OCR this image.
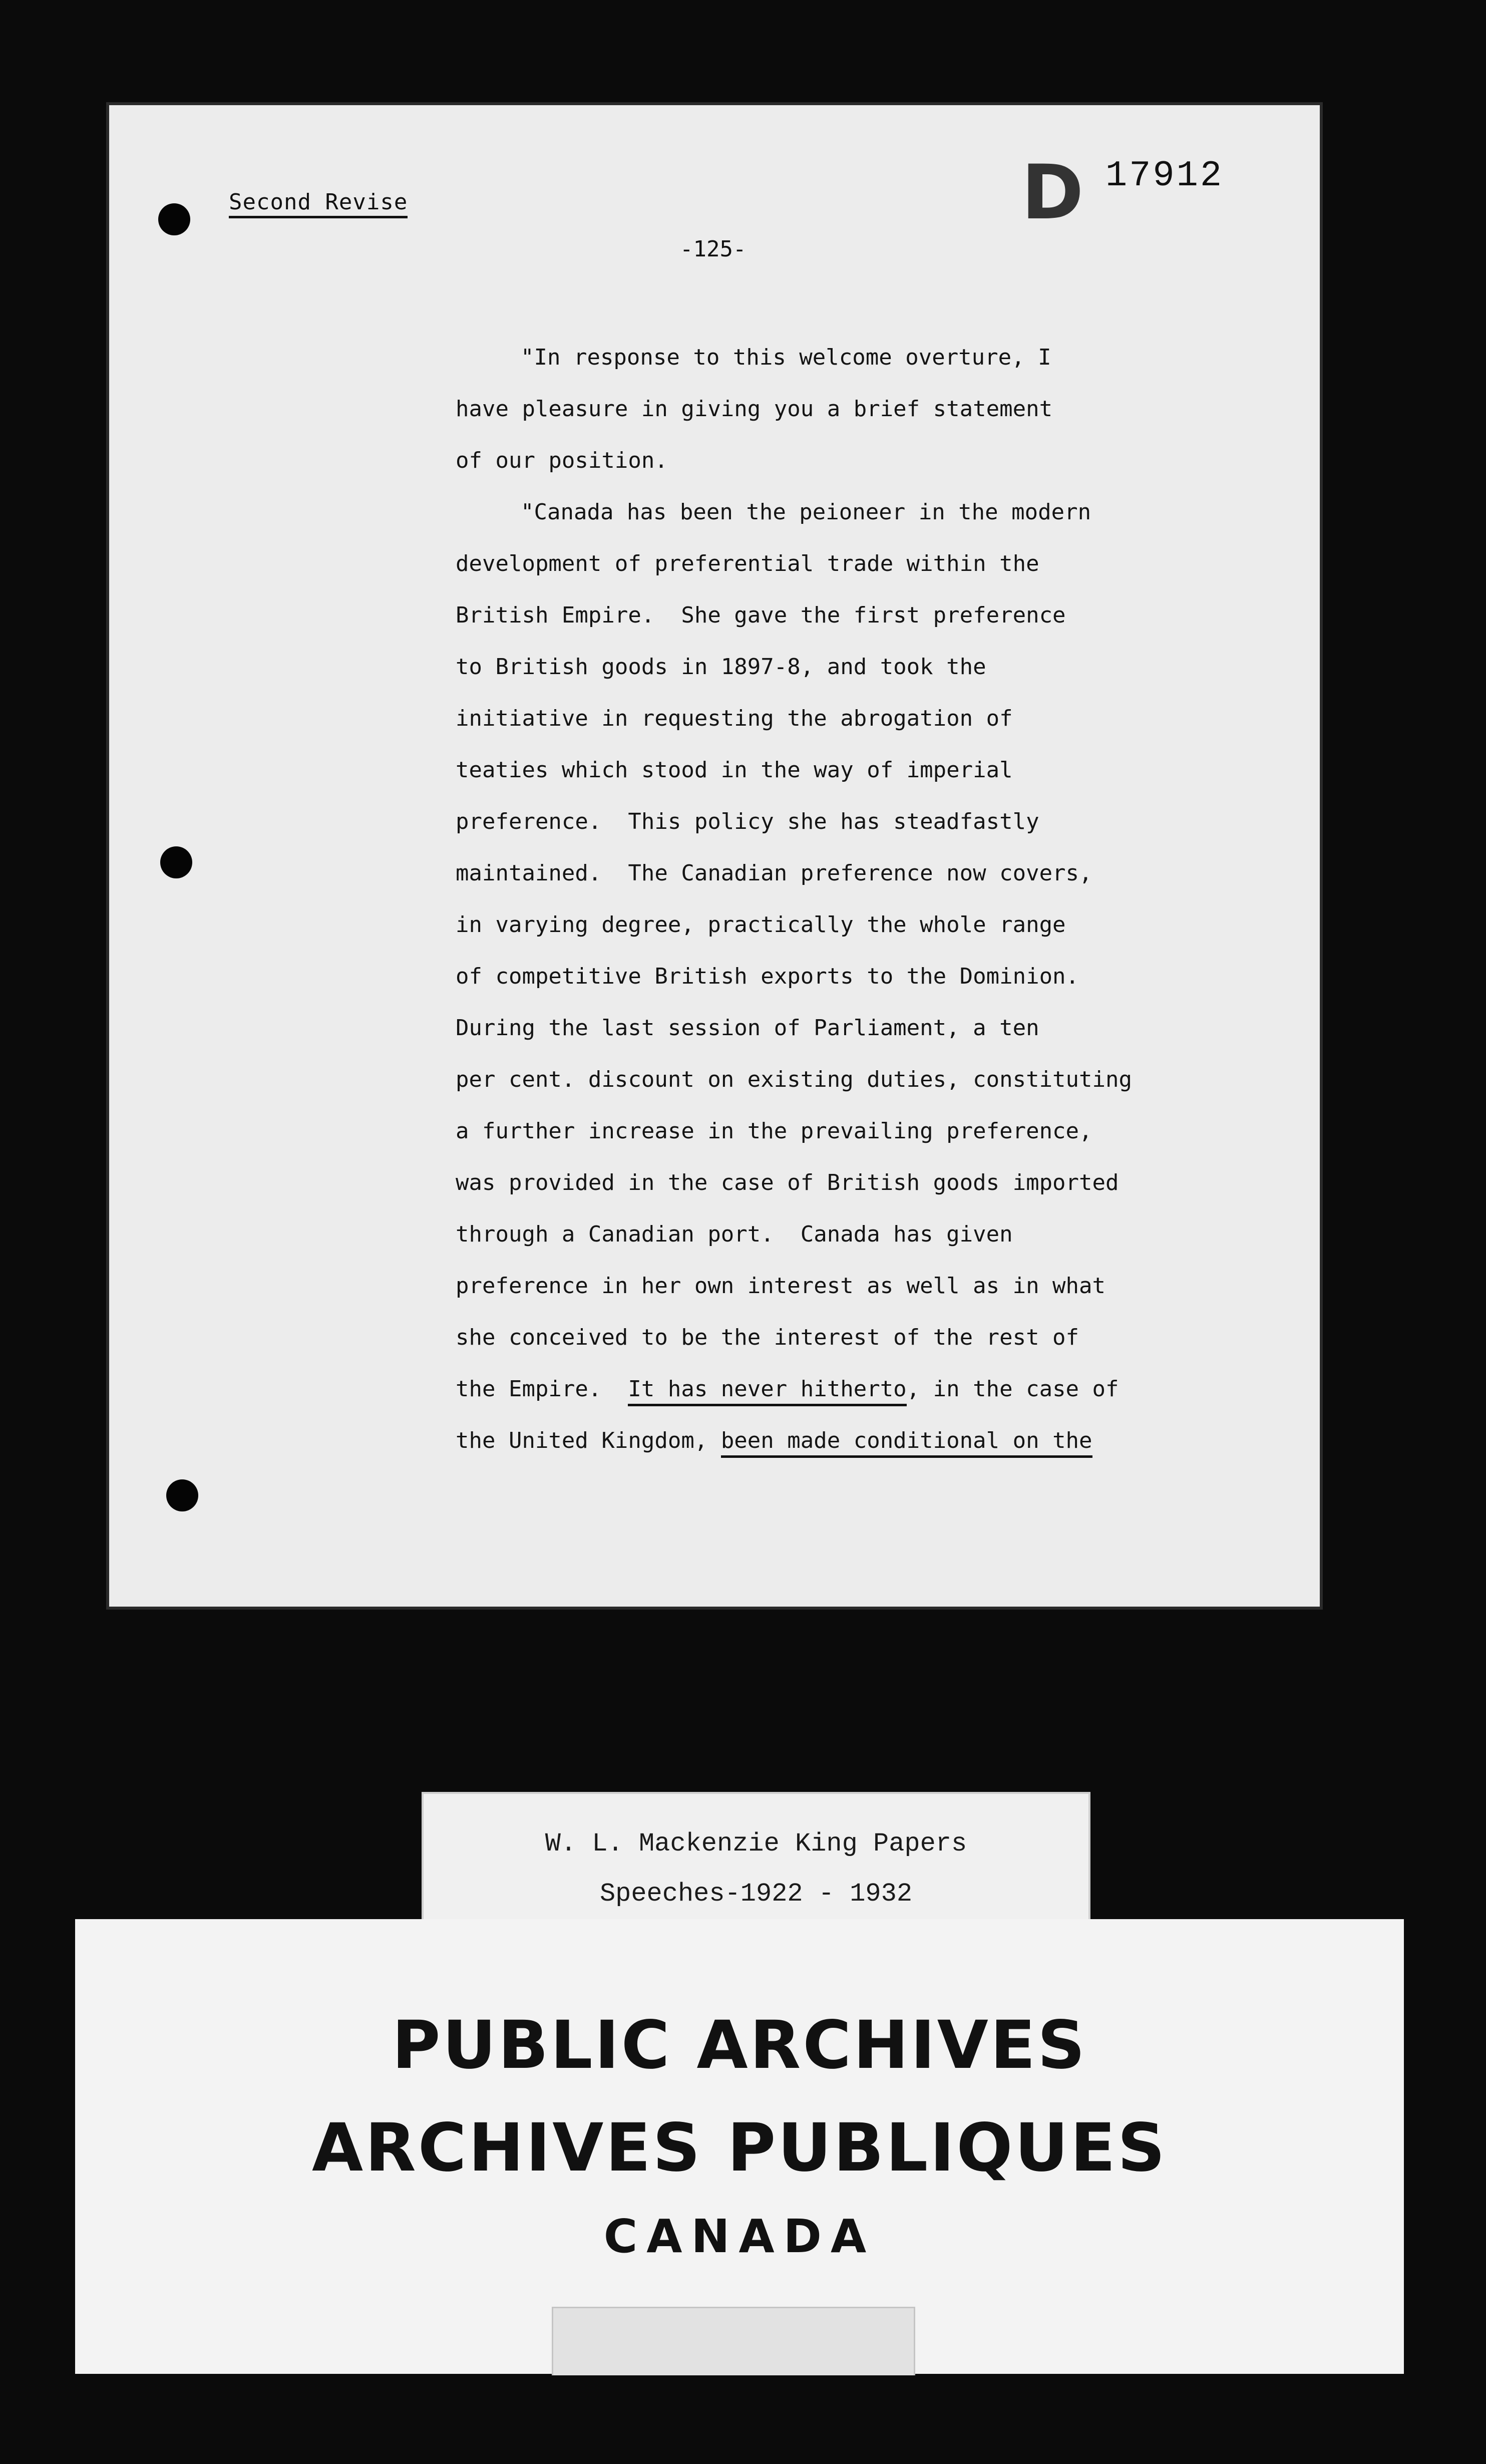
Second Revise	D 17912
-125-
"In response to this welcome overture, I
have pleasure in giving you a brief statement
of our position.
"Canada has been the peioneer in the modern
development of preferential trade within the
British Empire.  She gave the first preference
to British goods in 1897-8, and took the
initiative in requesting the abrogation of
teaties which stood in the way of imperial
preference.  This policy she has steadfastly
maintained.  The Canadian preference now covers,
in varying degree, practically the whole range
of competitive British exports to the Dominion.
During the last session of Parliament, a ten
per cent. discount on existing duties, constituting
a further increase in the prevailing preference,
was provided in the case of British goods imported
through a Canadian port.  Canada has given
preference in her own interest as well as in what
she conceived to be the interest of the rest of
the Empire.  It has never hitherto, in the case of
the United Kingdom, been made conditional on the
W. L. Mackenzie King Papers
Speeches-1922 - 1932
PUBLIC ARCHIVES
ARCHIVES PUBLIQUES
CANADA
